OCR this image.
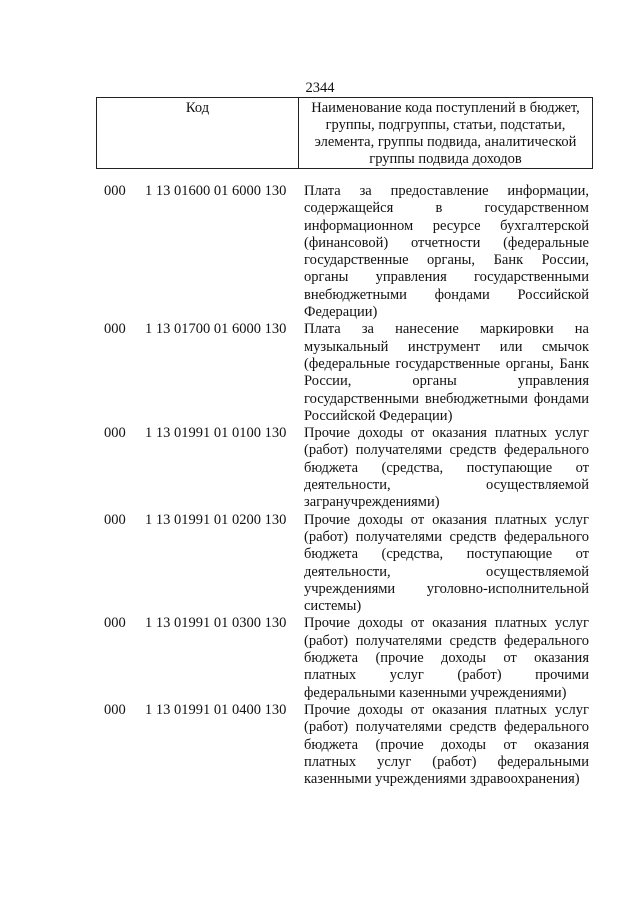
2344
Код	Наименование кода поступлений в бюджет,
группы, подгруппы, статьи, подстатьи,
элемента, группы подвида, аналитической
группы подвида доходов
000	1 13 01600 01 6000 130	Плата за предоставление информации,
содержащейся в государственном
информационном ресурсе бухгалтерской
(финансовой) отчетности (федеральные
государственные органы, Банк России,
органы управления государственными
внебюджетными фондами Российской
Федерации)
000	1 13 01700 01 6000 130	Плата за нанесение маркировки на
музыкальный инструмент или смычок
(федеральные государственные органы, Банк
России, органы управления
государственными внебюджетными фондами
Российской Федерации)
000	1 13 01991 01 0100 130	Прочие доходы от оказания платных услуг
(работ) получателями средств федерального
бюджета (средства, поступающие от
деятельности, осуществляемой
загранучреждениями)
000	1 13 01991 01 0200 130	Прочие доходы от оказания платных услуг
(работ) получателями средств федерального
бюджета (средства, поступающие от
деятельности, осуществляемой
учреждениями уголовно-исполнительной
системы)
000	1 13 01991 01 0300 130	Прочие доходы от оказания платных услуг
(работ) получателями средств федерального
бюджета (прочие доходы от оказания
платных услуг (работ) прочими
федеральными казенными учреждениями)
000	1 13 01991 01 0400 130	Прочие доходы от оказания платных услуг
(работ) получателями средств федерального
бюджета (прочие доходы от оказания
платных услуг (работ) федеральными
казенными учреждениями здравоохранения)
